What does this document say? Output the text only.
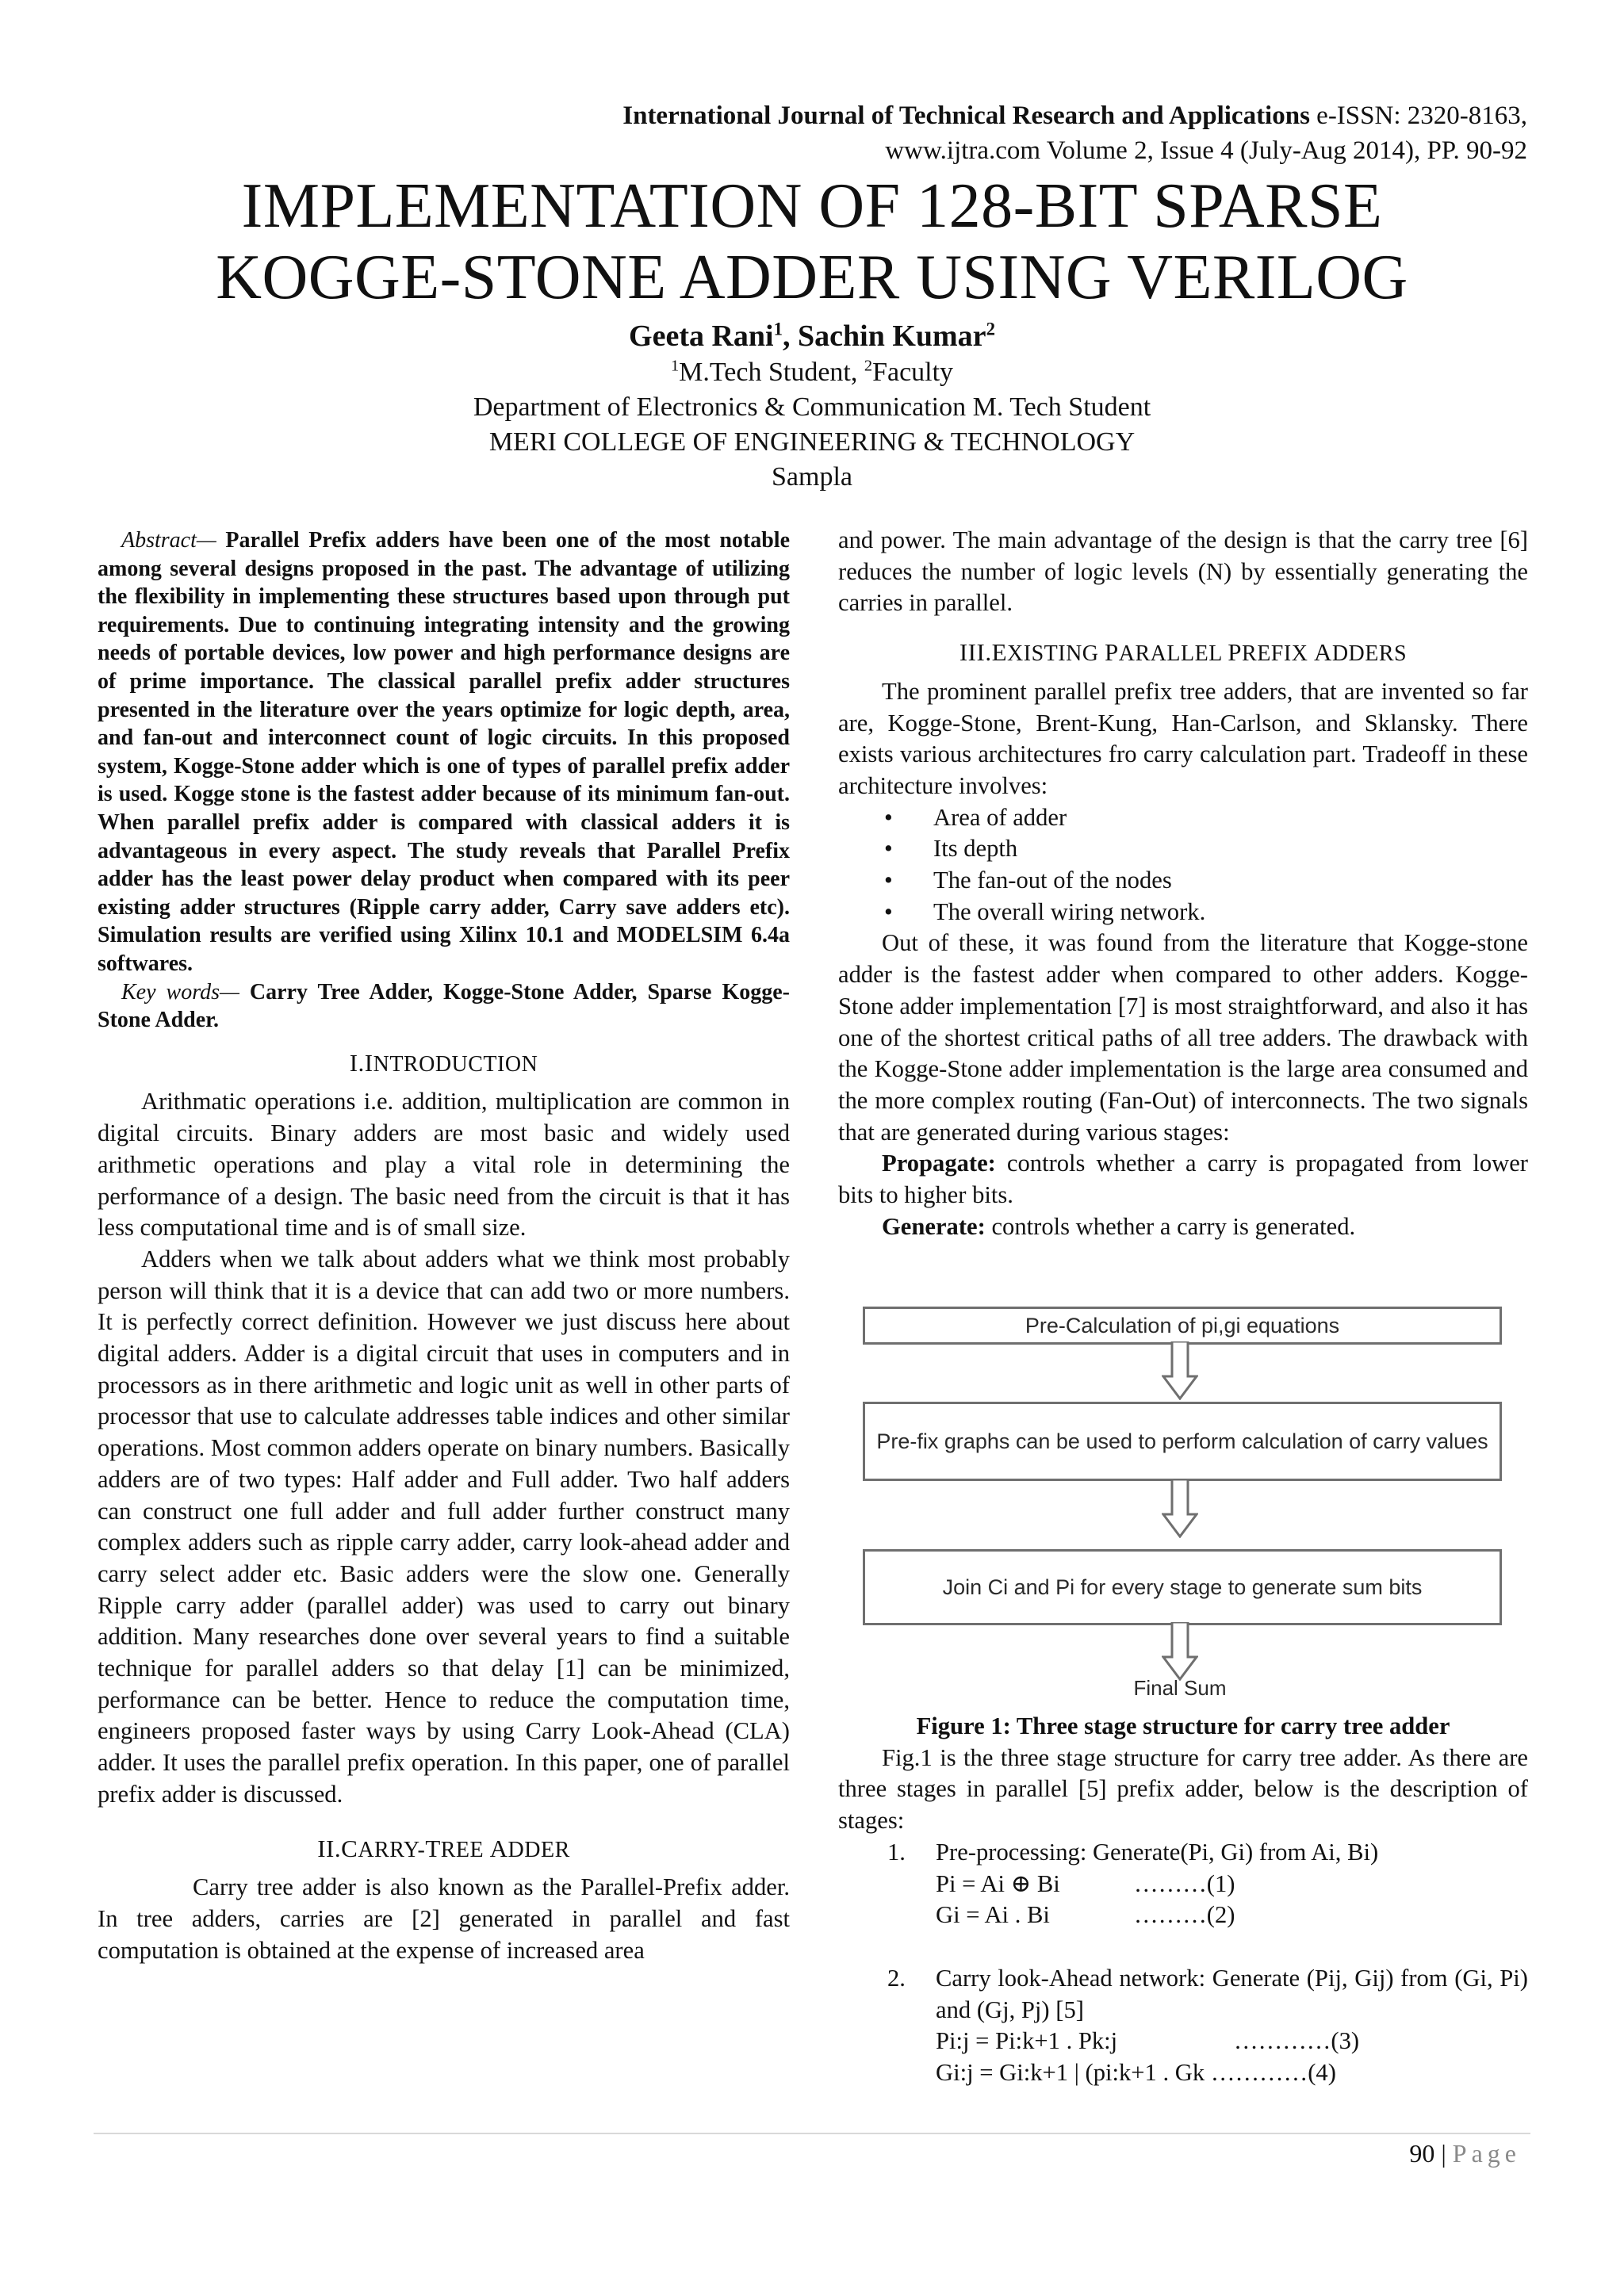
International Journal of Technical Research and Applications e-ISSN: 2320-8163,
www.ijtra.com Volume 2, Issue 4 (July-Aug 2014), PP. 90-92
IMPLEMENTATION OF 128-BIT SPARSE
KOGGE-STONE ADDER USING VERILOG
Geeta Rani$^1$, Sachin Kumar$^2$
$^1$M.Tech Student, $^2$Faculty
Department of Electronics & Communication M. Tech Student
MERI COLLEGE OF ENGINEERING & TECHNOLOGY
Sampla

Abstract— Parallel Prefix adders have been one of the most notable among several designs proposed in the past. The advantage of utilizing the flexibility in implementing these structures based upon through put requirements. Due to continuing integrating intensity and the growing needs of portable devices, low power and high performance designs are of prime importance. The classical parallel prefix adder structures presented in the literature over the years optimize for logic depth, area, and fan-out and interconnect count of logic circuits. In this proposed system, Kogge-Stone adder which is one of types of parallel prefix adder is used. Kogge stone is the fastest adder because of its minimum fan-out. When parallel prefix adder is compared with classical adders it is advantageous in every aspect. The study reveals that Parallel Prefix adder has the least power delay product when compared with its peer existing adder structures (Ripple carry adder, Carry save adders etc). Simulation results are verified using Xilinx 10.1 and MODELSIM 6.4a softwares.

Key words— Carry Tree Adder, Kogge-Stone Adder, Sparse Kogge-Stone Adder.

I.INTRODUCTION

Arithmatic operations i.e. addition, multiplication are common in digital circuits. Binary adders are most basic and widely used arithmetic operations and play a vital role in determining the performance of a design. The basic need from the circuit is that it has less computational time and is of small size.

Adders when we talk about adders what we think most probably person will think that it is a device that can add two or more numbers. It is perfectly correct definition. However we just discuss here about digital adders. Adder is a digital circuit that uses in computers and in processors as in there arithmetic and logic unit as well in other parts of processor that use to calculate addresses table indices and other similar operations. Most common adders operate on binary numbers. Basically adders are of two types: Half adder and Full adder. Two half adders can construct one full adder and full adder further construct many complex adders such as ripple carry adder, carry look-ahead adder and carry select adder etc. Basic adders were the slow one. Generally Ripple carry adder (parallel adder) was used to carry out binary addition. Many researches done over several years to find a suitable technique for parallel adders so that delay [1] can be minimized, performance can be better. Hence to reduce the computation time, engineers proposed faster ways by using Carry Look-Ahead (CLA) adder. It uses the parallel prefix operation. In this paper, one of parallel prefix adder is discussed.

II.CARRY-TREE ADDER

Carry tree adder is also known as the Parallel-Prefix adder. In tree adders, carries are [2] generated in parallel and fast computation is obtained at the expense of increased area

and power. The main advantage of the design is that the carry tree [6] reduces the number of logic levels (N) by essentially generating the carries in parallel.

III.EXISTING PARALLEL PREFIX ADDERS

The prominent parallel prefix tree adders, that are invented so far are, Kogge-Stone, Brent-Kung, Han-Carlson, and Sklansky. There exists various architectures fro carry calculation part. Tradeoff in these architecture involves:

• Area of adder
• Its depth
• The fan-out of the nodes
• The overall wiring network.

Out of these, it was found from the literature that Kogge-stone adder is the fastest adder when compared to other adders. Kogge-Stone adder implementation [7] is most straightforward, and also it has one of the shortest critical paths of all tree adders. The drawback with the Kogge-Stone adder implementation is the large area consumed and the more complex routing (Fan-Out) of interconnects. The two signals that are generated during various stages:

Propagate: controls whether a carry is propagated from lower bits to higher bits.

Generate: controls whether a carry is generated.

Pre-Calculation of pi,gi equations
Pre-fix graphs can be used to perform calculation of carry values
Join Ci and Pi for every stage to generate sum bits
Final Sum

Figure 1: Three stage structure for carry tree adder

Fig.1 is the three stage structure for carry tree adder. As there are three stages in parallel [5] prefix adder, below is the description of stages:

1. Pre-processing: Generate(Pi, Gi) from Ai, Bi)
Pi = Ai ⊕ Bi	………(1)
Gi = Ai . Bi	………(2)
2. Carry look-Ahead network: Generate (Pij, Gij) from (Gi, Pi) and (Gj, Pj) [5]
Pi:j = Pi:k+1 . Pk:j	…………(3)
Gi:j = Gi:k+1 | (pi:k+1 . Gk …………(4)
90 | Page
